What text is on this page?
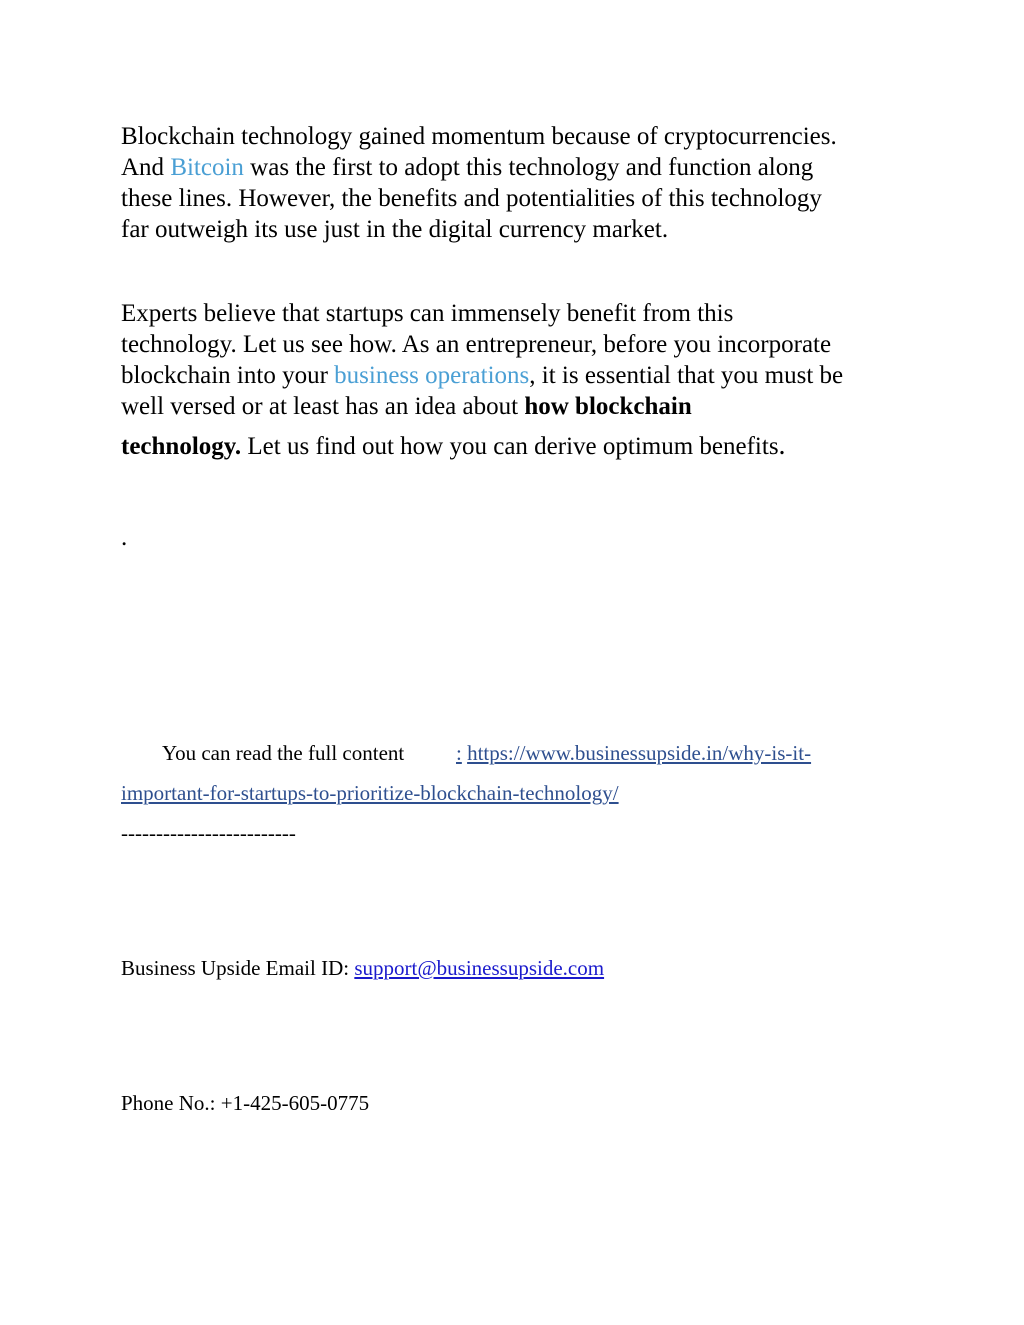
Blockchain technology gained momentum because of cryptocurrencies.
And Bitcoin was the first to adopt this technology and function along
these lines. However, the benefits and potentialities of this technology
far outweigh its use just in the digital currency market.
Experts believe that startups can immensely benefit from this
technology. Let us see how. As an entrepreneur, before you incorporate
blockchain into your business operations, it is essential that you must be
well versed or at least has an idea about how blockchain
technology. Let us find out how you can derive optimum benefits.
.
You can read the full content : https://www.businessupside.in/why-is-it-
important-for-startups-to-prioritize-blockchain-technology/
-------------------------
Business Upside Email ID: support@businessupside.com
Phone No.: +1-425-605-0775
